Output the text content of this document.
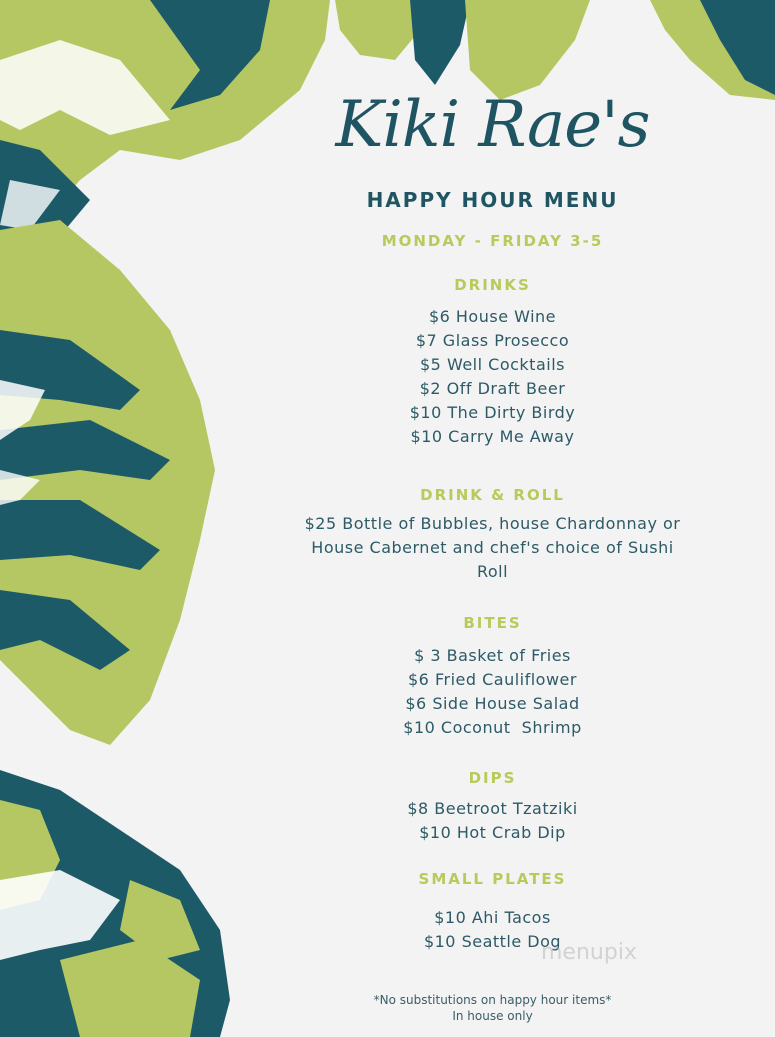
Kiki Rae's
HAPPY HOUR MENU
MONDAY - FRIDAY 3-5
DRINKS
$6 House Wine
$7 Glass Prosecco
$5 Well Cocktails
$2 Off Draft Beer
$10 The Dirty Birdy
$10 Carry Me Away
DRINK & ROLL
$25 Bottle of Bubbles, house Chardonnay or
House Cabernet and chef's choice of Sushi
Roll
BITES
$ 3 Basket of Fries
$6 Fried Cauliflower
$6 Side House Salad
$10 Coconut  Shrimp
DIPS
$8 Beetroot Tzatziki
$10 Hot Crab Dip
SMALL PLATES
$10 Ahi Tacos
$10 Seattle Dog
*No substitutions on happy hour items*
In house only
menupix
